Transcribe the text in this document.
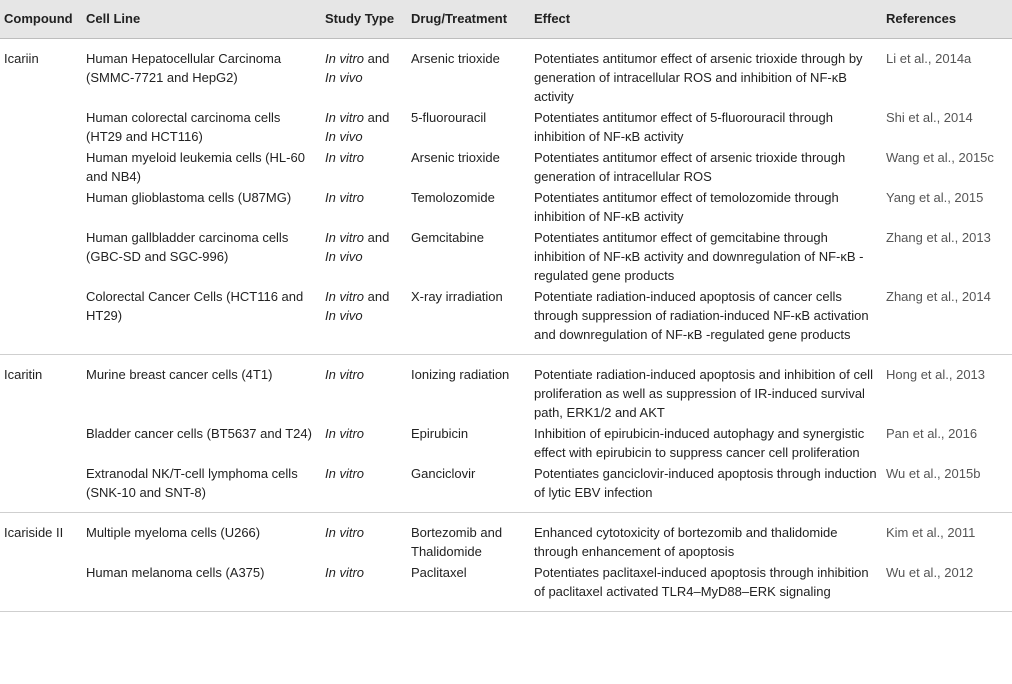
Compound	Cell Line	Study Type	Drug/Treatment	Effect	References
Icariin	Human Hepatocellular Carcinoma (SMMC-7721 and HepG2)	In vitro and In vivo	Arsenic trioxide	Potentiates antitumor effect of arsenic trioxide through by generation of intracellular ROS and inhibition of NF-κB activity	Li et al., 2014a
	Human colorectal carcinoma cells (HT29 and HCT116)	In vitro and In vivo	5-fluorouracil	Potentiates antitumor effect of 5-fluorouracil through inhibition of NF-κB activity	Shi et al., 2014
	Human myeloid leukemia cells (HL-60 and NB4)	In vitro	Arsenic trioxide	Potentiates antitumor effect of arsenic trioxide through generation of intracellular ROS	Wang et al., 2015c
	Human glioblastoma cells (U87MG)	In vitro	Temolozomide	Potentiates antitumor effect of temolozomide through inhibition of NF-κB activity	Yang et al., 2015
	Human gallbladder carcinoma cells (GBC-SD and SGC-996)	In vitro and In vivo	Gemcitabine	Potentiates antitumor effect of gemcitabine through inhibition of NF-κB activity and downregulation of NF-κB -regulated gene products	Zhang et al., 2013
	Colorectal Cancer Cells (HCT116 and HT29)	In vitro and In vivo	X-ray irradiation	Potentiate radiation-induced apoptosis of cancer cells through suppression of radiation-induced NF-κB activation and downregulation of NF-κB -regulated gene products	Zhang et al., 2014
Icaritin	Murine breast cancer cells (4T1)	In vitro	Ionizing radiation	Potentiate radiation-induced apoptosis and inhibition of cell proliferation as well as suppression of IR-induced survival path, ERK1/2 and AKT	Hong et al., 2013
	Bladder cancer cells (BT5637 and T24)	In vitro	Epirubicin	Inhibition of epirubicin-induced autophagy and synergistic effect with epirubicin to suppress cancer cell proliferation	Pan et al., 2016
	Extranodal NK/T-cell lymphoma cells (SNK-10 and SNT-8)	In vitro	Ganciclovir	Potentiates ganciclovir-induced apoptosis through induction of lytic EBV infection	Wu et al., 2015b
Icariside II	Multiple myeloma cells (U266)	In vitro	Bortezomib and Thalidomide	Enhanced cytotoxicity of bortezomib and thalidomide through enhancement of apoptosis	Kim et al., 2011
	Human melanoma cells (A375)	In vitro	Paclitaxel	Potentiates paclitaxel-induced apoptosis through inhibition of paclitaxel activated TLR4–MyD88–ERK signaling	Wu et al., 2012
